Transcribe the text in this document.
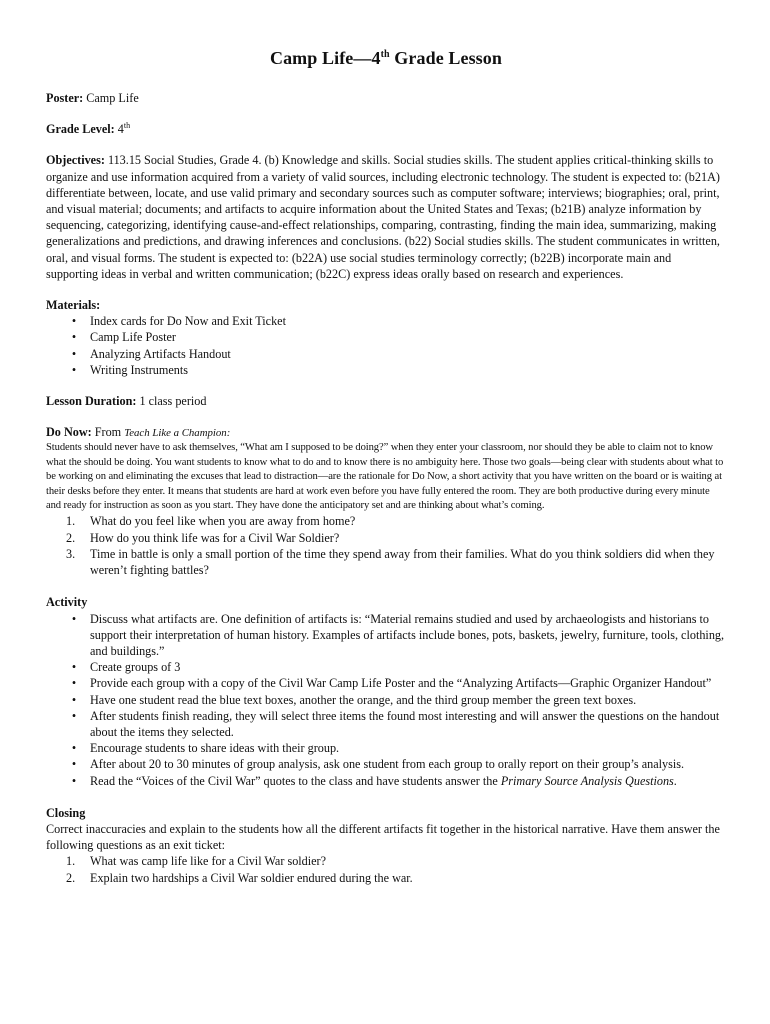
Camp Life—4th Grade Lesson

Poster: Camp Life

Grade Level: 4th

Objectives: 113.15 Social Studies, Grade 4. (b) Knowledge and skills. Social studies skills. The student applies critical-thinking skills to organize and use information acquired from a variety of valid sources, including electronic technology. The student is expected to: (b21A) differentiate between, locate, and use valid primary and secondary sources such as computer software; interviews; biographies; oral, print, and visual material; documents; and artifacts to acquire information about the United States and Texas; (b21B) analyze information by sequencing, categorizing, identifying cause-and-effect relationships, comparing, contrasting, finding the main idea, summarizing, making generalizations and predictions, and drawing inferences and conclusions. (b22) Social studies skills. The student communicates in written, oral, and visual forms. The student is expected to: (b22A) use social studies terminology correctly; (b22B) incorporate main and supporting ideas in verbal and written communication; (b22C) express ideas orally based on research and experiences.

Materials:

•	Index cards for Do Now and Exit Ticket
•	Camp Life Poster
•	Analyzing Artifacts Handout
•	Writing Instruments

Lesson Duration: 1 class period

Do Now: From Teach Like a Champion:

Students should never have to ask themselves, “What am I supposed to be doing?” when they enter your classroom, nor should they be able to claim not to know what the should be doing. You want students to know what to do and to know there is no ambiguity here. Those two goals—being clear with students about what to be working on and eliminating the excuses that lead to distraction—are the rationale for Do Now, a short activity that you have written on the board or is waiting at their desks before they enter. It means that students are hard at work even before you have fully entered the room. They are both productive during every minute and ready for instruction as soon as you start. They have done the anticipatory set and are thinking about what’s coming.

1.	What do you feel like when you are away from home?
2.	How do you think life was for a Civil War Soldier?
3.	Time in battle is only a small portion of the time they spend away from their families. What do you think soldiers did when they weren’t fighting battles?

Activity

•	Discuss what artifacts are. One definition of artifacts is: “Material remains studied and used by archaeologists and historians to support their interpretation of human history. Examples of artifacts include bones, pots, baskets, jewelry, furniture, tools, clothing, and buildings.”
•	Create groups of 3
•	Provide each group with a copy of the Civil War Camp Life Poster and the “Analyzing Artifacts—Graphic Organizer Handout”
•	Have one student read the blue text boxes, another the orange, and the third group member the green text boxes.
•	After students finish reading, they will select three items the found most interesting and will answer the questions on the handout about the items they selected.
•	Encourage students to share ideas with their group.
•	After about 20 to 30 minutes of group analysis, ask one student from each group to orally report on their group’s analysis.
•	Read the “Voices of the Civil War” quotes to the class and have students answer the Primary Source Analysis Questions.

Closing

Correct inaccuracies and explain to the students how all the different artifacts fit together in the historical narrative. Have them answer the following questions as an exit ticket:

1.	What was camp life like for a Civil War soldier?
2.	Explain two hardships a Civil War soldier endured during the war.
